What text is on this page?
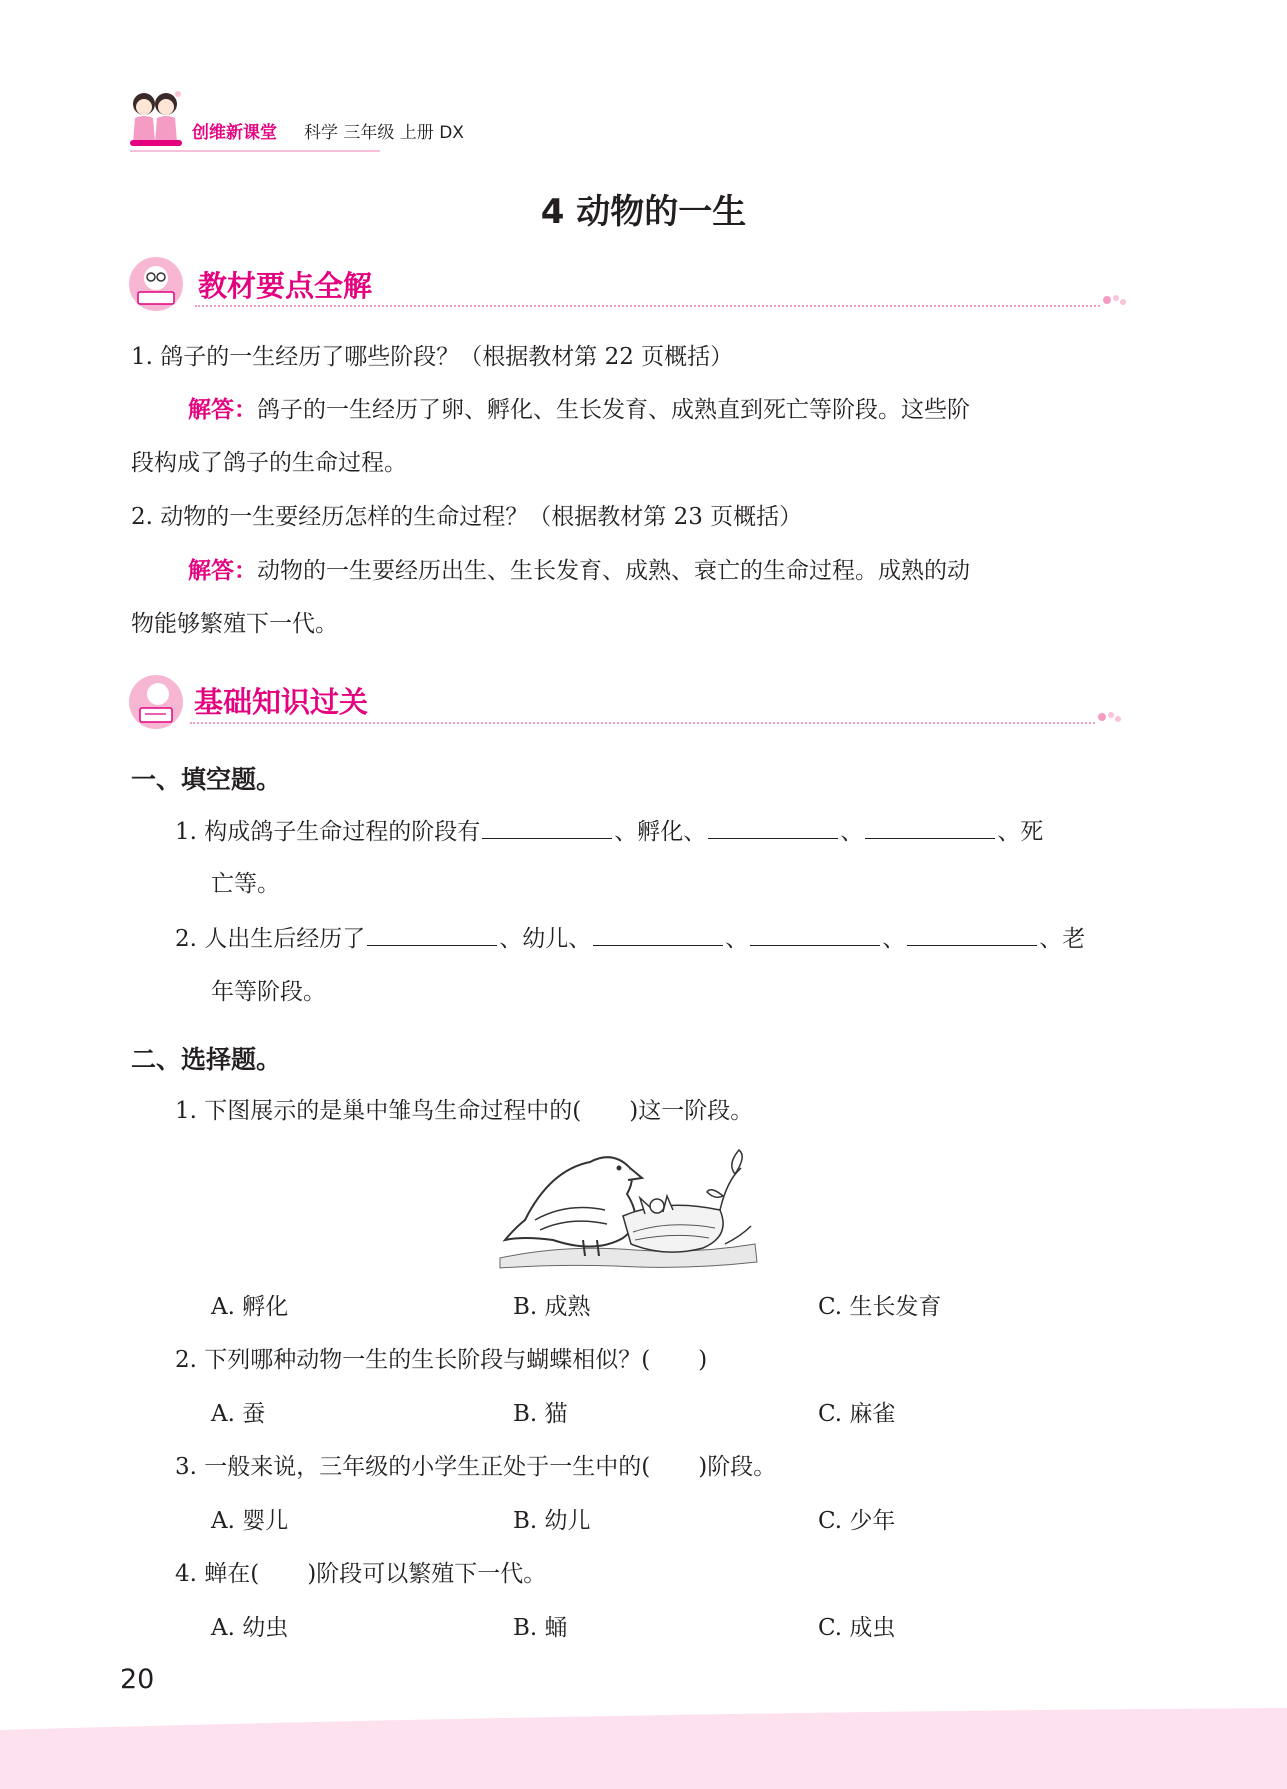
创维新课堂 科学 三年级 上册 DX
4 动物的一生
教材要点全解
1. 鸽子的一生经历了哪些阶段？（根据教材第 22 页概括）
解答：鸽子的一生经历了卵、孵化、生长发育、成熟直到死亡等阶段。这些阶
段构成了鸽子的生命过程。
2. 动物的一生要经历怎样的生命过程？（根据教材第 23 页概括）
解答：动物的一生要经历出生、生长发育、成熟、衰亡的生命过程。成熟的动
物能够繁殖下一代。
基础知识过关
一、填空题。
1. 构成鸽子生命过程的阶段有	、孵化、	、	、死
亡等。
2. 人出生后经历了	、幼儿、	、	、	、老
年等阶段。
二、选择题。
1. 下图展示的是巢中雏鸟生命过程中的( )这一阶段。
A. 孵化	B. 成熟	C. 生长发育
2. 下列哪种动物一生的生长阶段与蝴蝶相似？( )
A. 蚕	B. 猫	C. 麻雀
3. 一般来说，三年级的小学生正处于一生中的( )阶段。
A. 婴儿	B. 幼儿	C. 少年
4. 蝉在( )阶段可以繁殖下一代。
A. 幼虫	B. 蛹	C. 成虫
20
